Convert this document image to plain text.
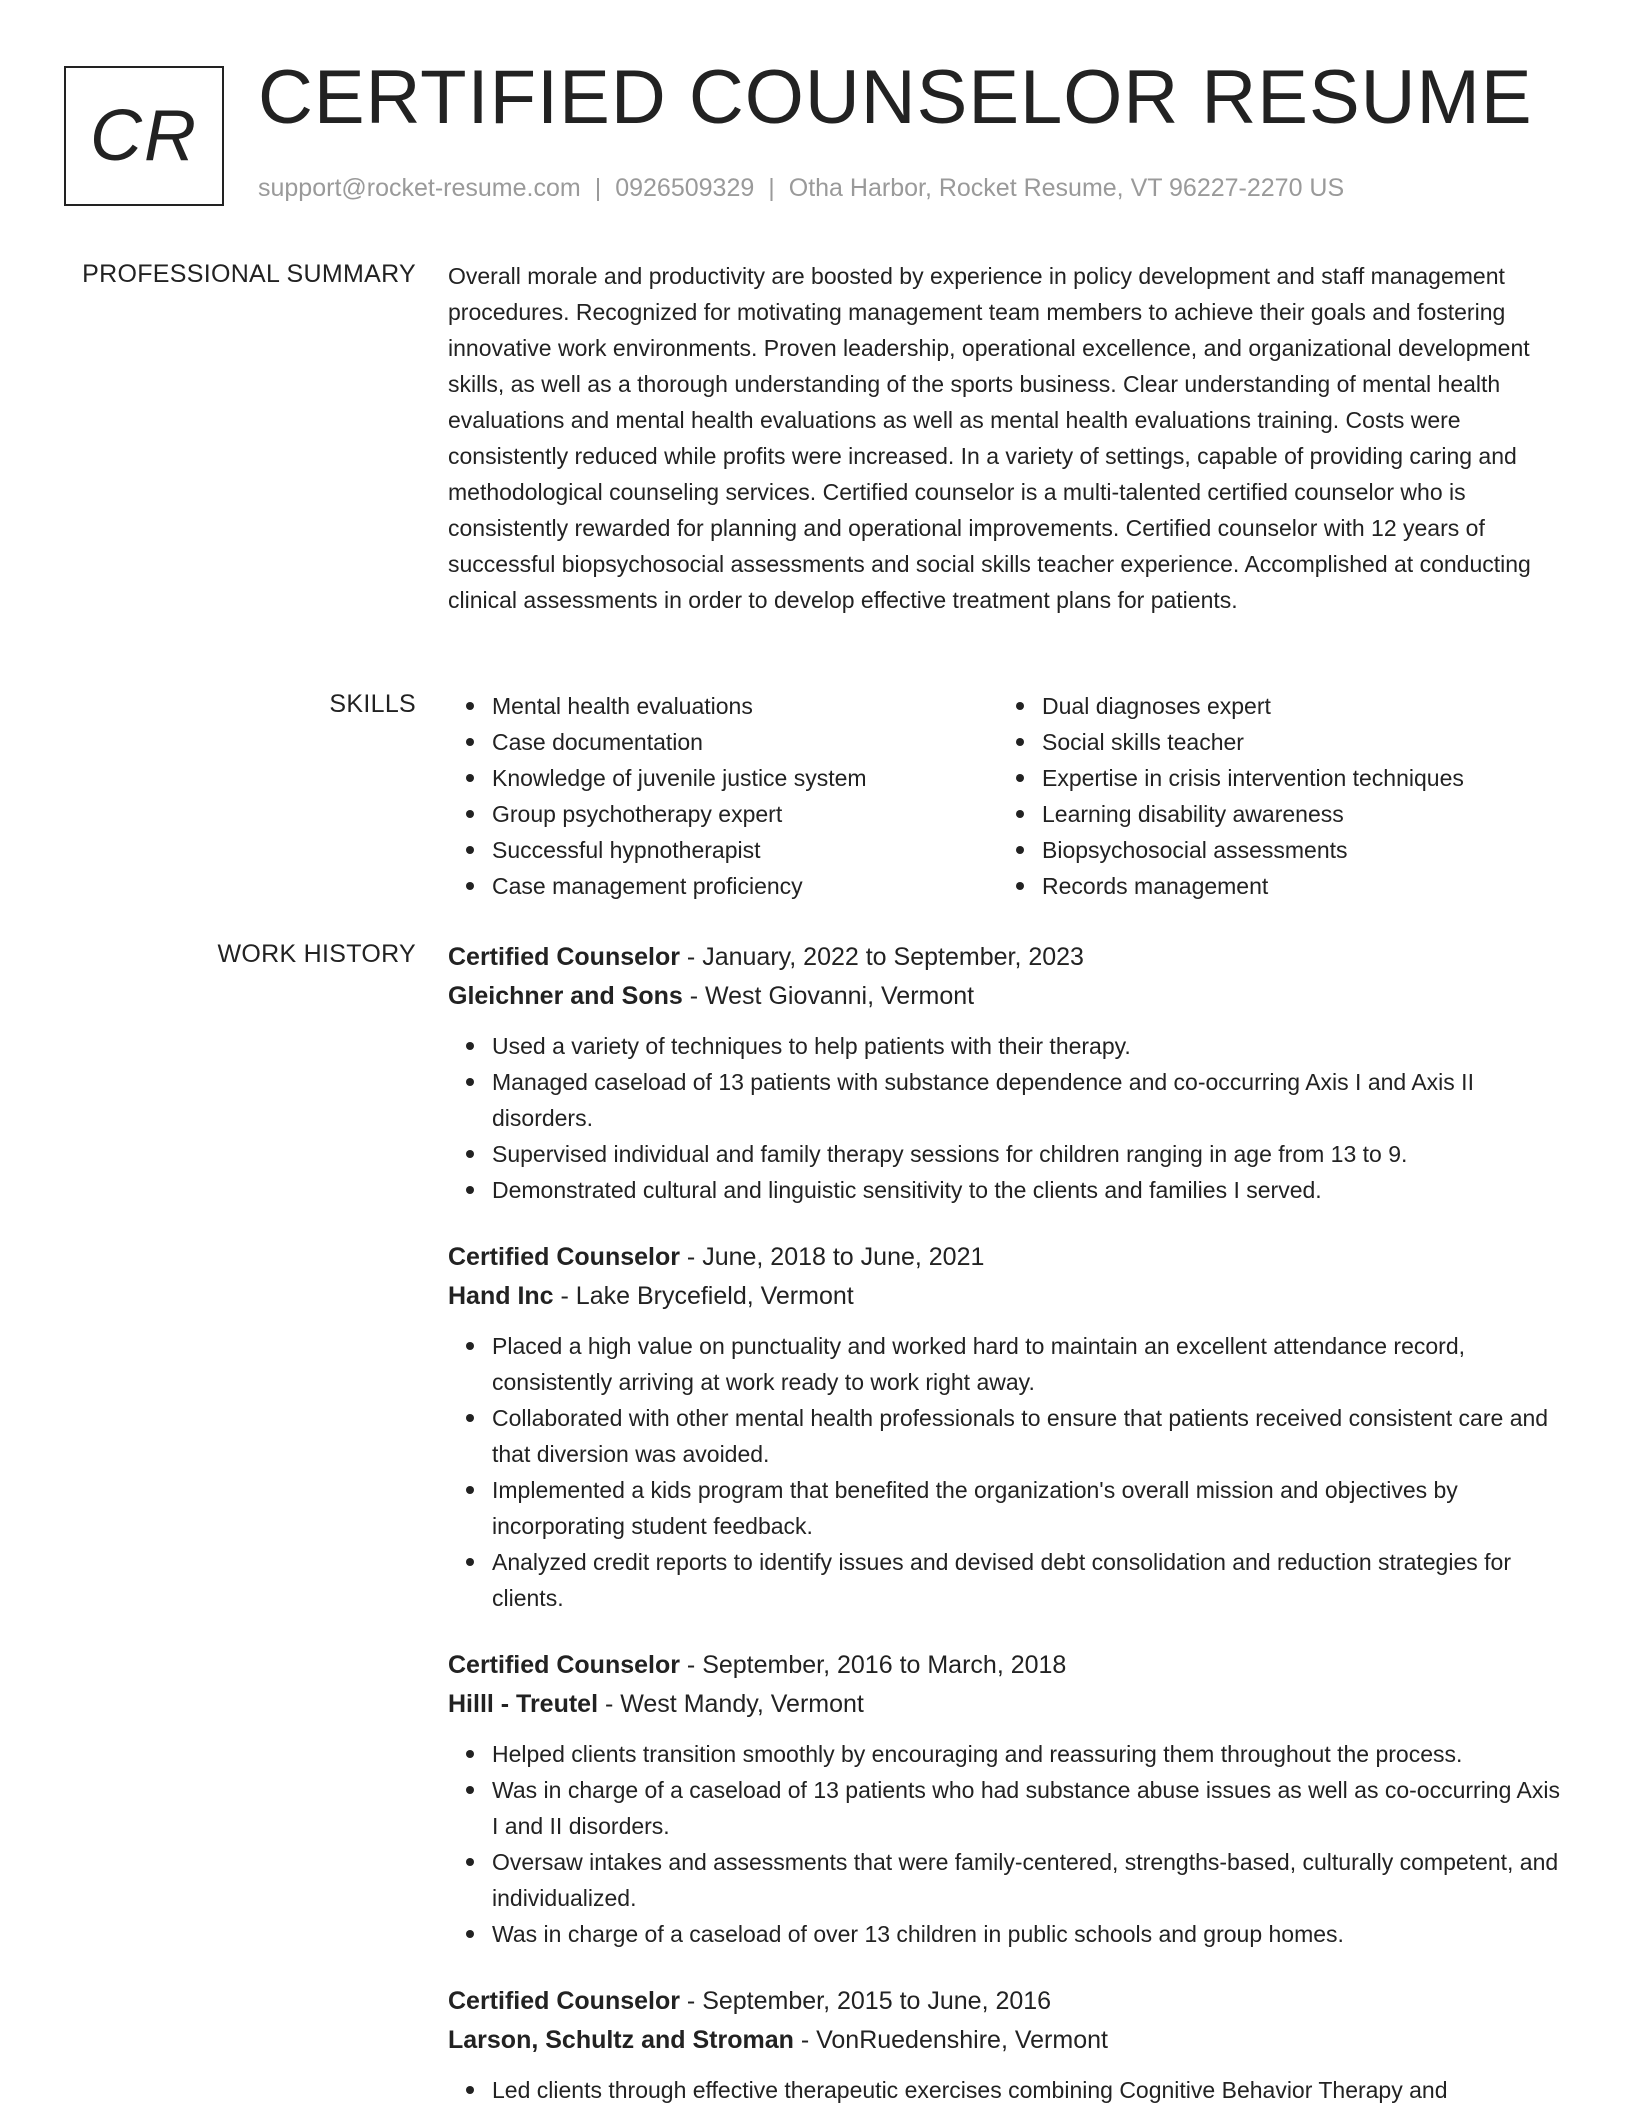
CR CERTIFIED COUNSELOR RESUME
support@rocket-resume.com | 0926509329 | Otha Harbor, Rocket Resume, VT 96227-2270 US
PROFESSIONAL SUMMARY Overall morale and productivity are boosted by experience in policy development and staff management procedures. Recognized for motivating management team members to achieve their goals and fostering innovative work environments. Proven leadership, operational excellence, and organizational development skills, as well as a thorough understanding of the sports business. Clear understanding of mental health evaluations and mental health evaluations as well as mental health evaluations training. Costs were consistently reduced while profits were increased. In a variety of settings, capable of providing caring and methodological counseling services. Certified counselor is a multi-talented certified counselor who is consistently rewarded for planning and operational improvements. Certified counselor with 12 years of successful biopsychosocial assessments and social skills teacher experience. Accomplished at conducting clinical assessments in order to develop effective treatment plans for patients.

SKILLS	Mental health evaluations
Case documentation
Knowledge of juvenile justice system
Group psychotherapy expert
Successful hypnotherapist
Case management proficiency
Dual diagnoses expert
Social skills teacher
Expertise in crisis intervention techniques
Learning disability awareness
Biopsychosocial assessments
Records management
WORK HISTORY Certified Counselor - January, 2022 to September, 2023
Gleichner and Sons - West Giovanni, Vermont
Used a variety of techniques to help patients with their therapy.
Managed caseload of 13 patients with substance dependence and co-occurring Axis I and Axis II disorders.
Supervised individual and family therapy sessions for children ranging in age from 13 to 9.
Demonstrated cultural and linguistic sensitivity to the clients and families I served.
Certified Counselor - June, 2018 to June, 2021
Hand Inc - Lake Brycefield, Vermont
Placed a high value on punctuality and worked hard to maintain an excellent attendance record, consistently arriving at work ready to work right away.
Collaborated with other mental health professionals to ensure that patients received consistent care and that diversion was avoided.
Implemented a kids program that benefited the organization's overall mission and objectives by incorporating student feedback.
Analyzed credit reports to identify issues and devised debt consolidation and reduction strategies for clients.
Certified Counselor - September, 2016 to March, 2018
Hilll - Treutel - West Mandy, Vermont
Helped clients transition smoothly by encouraging and reassuring them throughout the process.
Was in charge of a caseload of 13 patients who had substance abuse issues as well as co-occurring Axis I and II disorders.
Oversaw intakes and assessments that were family-centered, strengths-based, culturally competent, and individualized.
Was in charge of a caseload of over 13 children in public schools and group homes.
Certified Counselor - September, 2015 to June, 2016
Larson, Schultz and Stroman - VonRuedenshire, Vermont
Led clients through effective therapeutic exercises combining Cognitive Behavior Therapy and
